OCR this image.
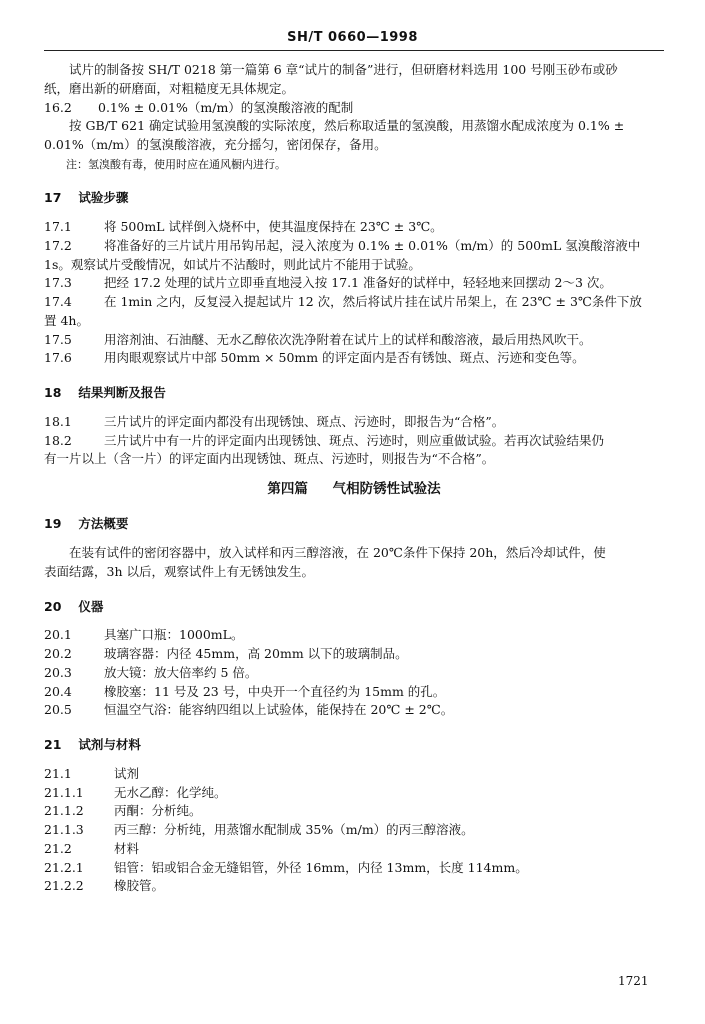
SH/T 0660—1998

试片的制备按 SH/T 0218 第一篇第 6 章“试片的制备”进行，但研磨材料选用 100 号刚玉砂布或砂

纸，磨出新的研磨面，对粗糙度无具体规定。

16.2	0.1% ± 0.01%（m/m）的氢溴酸溶液的配制

按 GB/T 621 确定试验用氢溴酸的实际浓度，然后称取适量的氢溴酸，用蒸馏水配成浓度为 0.1% ±

0.01%（m/m）的氢溴酸溶液，充分摇匀，密闭保存，备用。

注：氢溴酸有毒，使用时应在通风橱内进行。

17 试验步骤
17.1	将 500mL 试样倒入烧杯中，使其温度保持在 23℃ ± 3℃。
17.2	将准备好的三片试片用吊钩吊起，浸入浓度为 0.1% ± 0.01%（m/m）的 500mL 氢溴酸溶液中

1s。观察试片受酸情况，如试片不沾酸时，则此试片不能用于试验。

17.3	把经 17.2 处理的试片立即垂直地浸入按 17.1 准备好的试样中，轻轻地来回摆动 2～3 次。
17.4	在 1min 之内，反复浸入提起试片 12 次，然后将试片挂在试片吊架上，在 23℃ ± 3℃条件下放

置 4h。

17.5	用溶剂油、石油醚、无水乙醇依次洗净附着在试片上的试样和酸溶液，最后用热风吹干。
17.6	用肉眼观察试片中部 50mm × 50mm 的评定面内是否有锈蚀、斑点、污迹和变色等。
18 结果判断及报告
18.1	三片试片的评定面内都没有出现锈蚀、斑点、污迹时，即报告为“合格”。
18.2	三片试片中有一片的评定面内出现锈蚀、斑点、污迹时，则应重做试验。若再次试验结果仍

有一片以上（含一片）的评定面内出现锈蚀、斑点、污迹时，则报告为“不合格”。

第四篇 气相防锈性试验法
19 方法概要

在装有试件的密闭容器中，放入试样和丙三醇溶液，在 20℃条件下保持 20h，然后冷却试件，使

表面结露，3h 以后，观察试件上有无锈蚀发生。

20 仪器
20.1	具塞广口瓶：1000mL。
20.2	玻璃容器：内径 45mm，高 20mm 以下的玻璃制品。
20.3	放大镜：放大倍率约 5 倍。
20.4	橡胶塞：11 号及 23 号，中央开一个直径约为 15mm 的孔。
20.5	恒温空气浴：能容纳四组以上试验体，能保持在 20℃ ± 2℃。
21 试剂与材料
21.1	试剂
21.1.1	无水乙醇：化学纯。
21.1.2	丙酮：分析纯。
21.1.3	丙三醇：分析纯，用蒸馏水配制成 35%（m/m）的丙三醇溶液。
21.2	材料
21.2.1	铝管：铝或铝合金无缝铝管，外径 16mm，内径 13mm，长度 114mm。
21.2.2	橡胶管。
1721
